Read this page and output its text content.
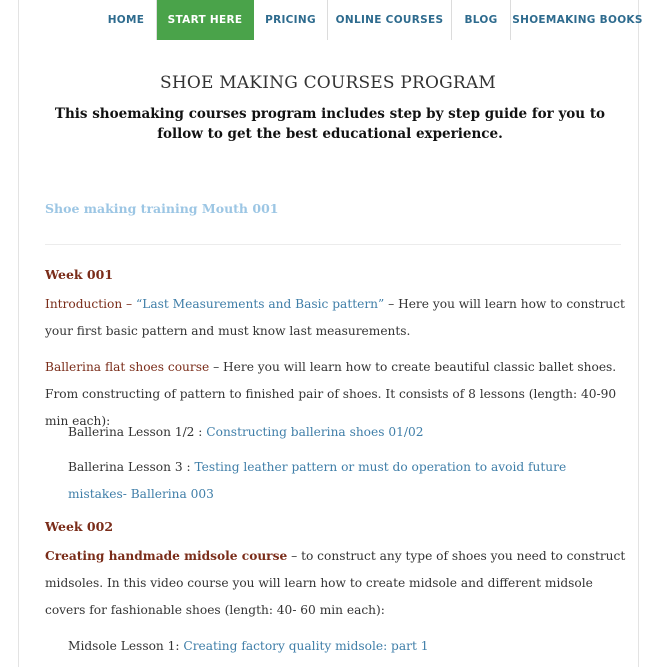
HOME	START HERE	PRICING	ONLINE COURSES	BLOG	SHOEMAKING BOOKS
SHOE MAKING COURSES PROGRAM
This shoemaking courses program includes step by step guide for you to follow to get the best educational experience.
Shoe making training Mouth 001
Week 001

Introduction – “Last Measurements and Basic pattern” – Here you will learn how to construct your first basic pattern and must know last measurements.

Ballerina flat shoes course – Here you will learn how to create beautiful classic ballet shoes. From constructing of pattern to finished pair of shoes. It consists of 8 lessons (length: 40-90 min each):

Ballerina Lesson 1/2 : Constructing ballerina shoes 01/02

Ballerina Lesson 3 : Testing leather pattern or must do operation to avoid future mistakes- Ballerina 003

Week 002

Creating handmade midsole course – to construct any type of shoes you need to construct midsoles. In this video course you will learn how to create midsole and different midsole covers for fashionable shoes (length: 40- 60 min each):

Midsole Lesson 1: Creating factory quality midsole: part 1
